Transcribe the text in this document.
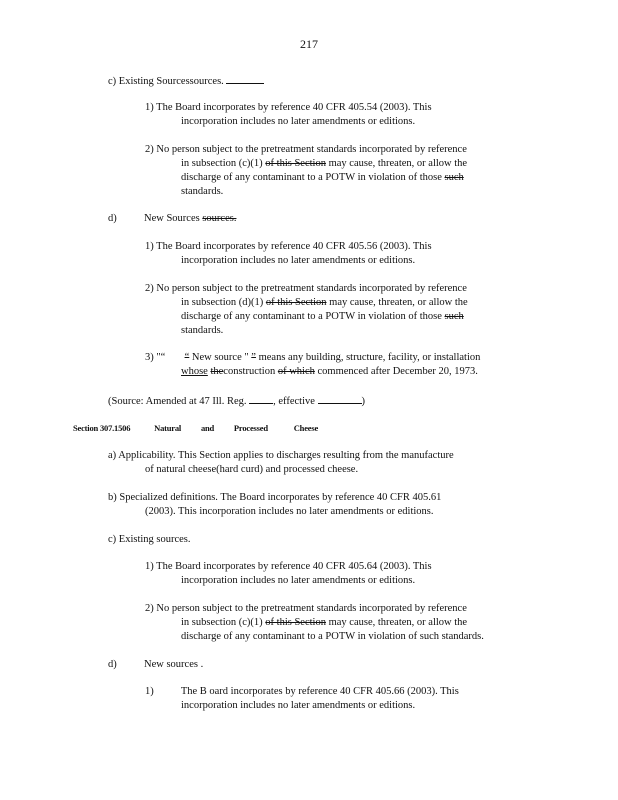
217
c) Existing Sourcessources.
1) The Board incorporates by reference 40 CFR 405.54 (2003). This
incorporation includes no later amendments or editions.
2) No person subject to the pretreatment standards incorporated by reference
in subsection (c)(1) of this Section may cause, threaten, or allow the
discharge of any contaminant to a POTW in violation of those such
standards.
d)	New Sources sources.
1) The Board incorporates by reference 40 CFR 405.56 (2003). This
incorporation includes no later amendments or editions.
2) No person subject to the pretreatment standards incorporated by reference
in subsection (d)(1) of this Section may cause, threaten, or allow the
discharge of any contaminant to a POTW in violation of those such
standards.
3) "“ “ New source " ” means any building, structure, facility, or installation
whose theconstruction of which commenced after December 20, 1973.
(Source: Amended at 47 Ill. Reg.	, effective	)
Section 307.1506	Natural and Processed	Cheese
a) Applicability. This Section applies to discharges resulting from the manufacture
of natural cheese(hard curd) and processed cheese.
b) Specialized definitions. The Board incorporates by reference 40 CFR 405.61
(2003). This incorporation includes no later amendments or editions.
c) Existing sources.
1) The Board incorporates by reference 40 CFR 405.64 (2003). This
incorporation includes no later amendments or editions.
2) No person subject to the pretreatment standards incorporated by reference
in subsection (c)(1) of this Section may cause, threaten, or allow the
discharge of any contaminant to a POTW in violation of such standards.
d)	New sources .
1)	The B oard incorporates by reference 40 CFR 405.66 (2003). This
incorporation includes no later amendments or editions.
